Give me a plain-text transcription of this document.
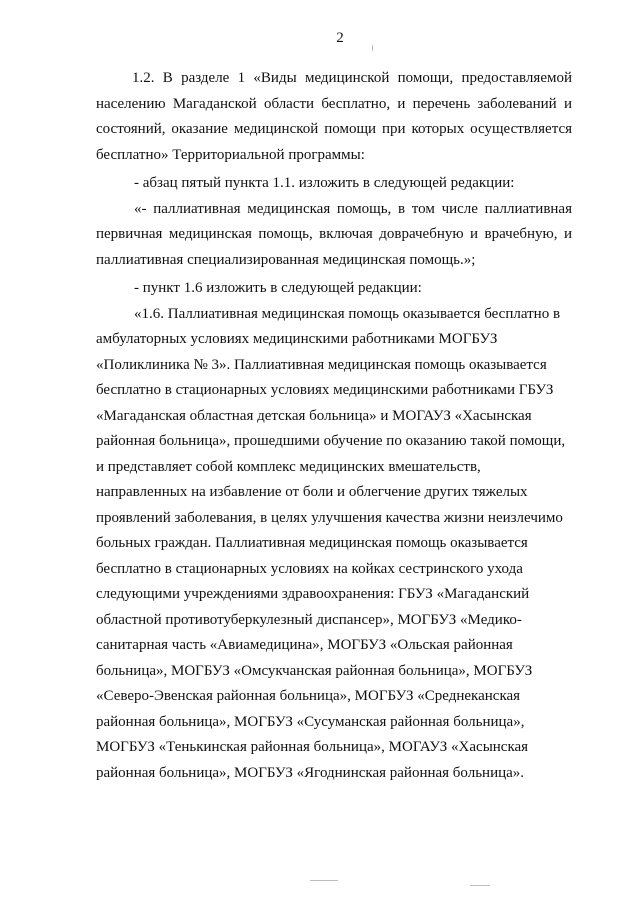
2

1.2. В разделе 1 «Виды медицинской помощи, предоставляемой населению Магаданской области бесплатно, и перечень заболеваний и состояний, оказание медицинской помощи при которых осуществляется бесплатно» Территориальной программы:

- абзац пятый пункта 1.1. изложить в следующей редакции:

«- паллиативная медицинская помощь, в том числе паллиативная первичная медицинская помощь, включая доврачебную и врачебную, и паллиативная специализированная медицинская помощь.»;

- пункт 1.6 изложить в следующей редакции:

«1.6. Паллиативная медицинская помощь оказывается бесплатно в амбулаторных условиях медицинскими работниками МОГБУЗ «Поликлиника № 3». Паллиативная медицинская помощь оказывается бесплатно в стационарных условиях медицинскими работниками ГБУЗ «Магаданская областная детская больница» и МОГАУЗ «Хасынская районная больница», прошедшими обучение по оказанию такой помощи, и представляет собой комплекс медицинских вмешательств, направленных на избавление от боли и облегчение других тяжелых проявлений заболевания, в целях улучшения качества жизни неизлечимо больных граждан. Паллиативная медицинская помощь оказывается бесплатно в стационарных условиях на койках сестринского ухода следующими учреждениями здравоохранения: ГБУЗ «Магаданский областной противотуберкулезный диспансер», МОГБУЗ «Медико-санитарная часть «Авиамедицина», МОГБУЗ «Ольская районная больница», МОГБУЗ «Омсукчанская районная больница», МОГБУЗ «Северо-Эвенская районная больница», МОГБУЗ «Среднеканская районная больница», МОГБУЗ «Сусуманская районная больница», МОГБУЗ «Тенькинская районная больница», МОГАУЗ «Хасынская районная больница», МОГБУЗ «Ягоднинская районная больница».
